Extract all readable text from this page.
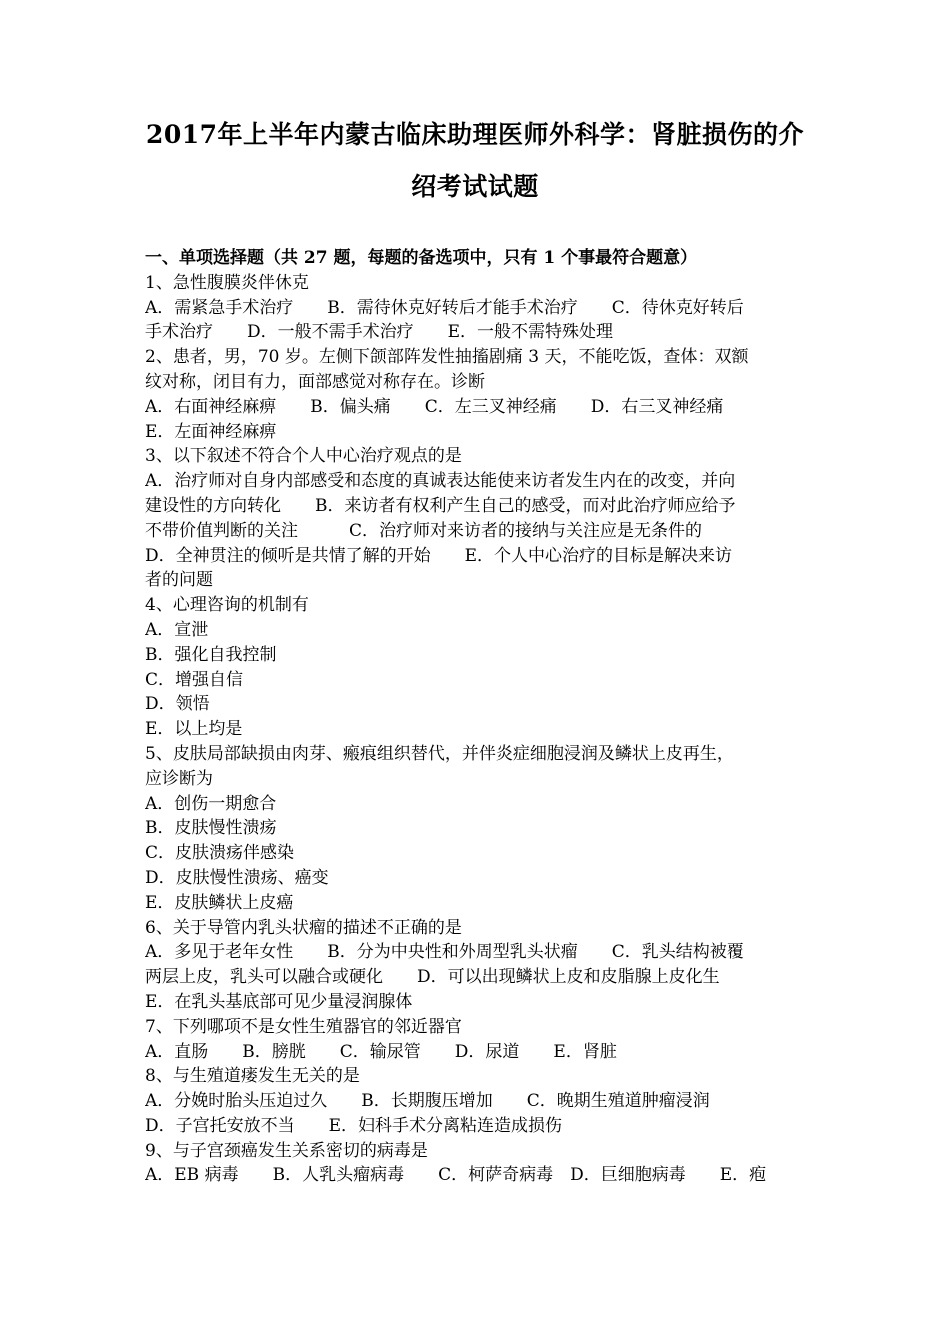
2017年上半年内蒙古临床助理医师外科学：肾脏损伤的介
绍考试试题

一、单项选择题（共 27 题，每题的备选项中，只有 1 个事最符合题意）

1、急性腹膜炎伴休克

A．需紧急手术治疗　　B．需待休克好转后才能手术治疗　　C．待休克好转后

手术治疗　　D．一般不需手术治疗　　E．一般不需特殊处理

2、患者，男，70 岁。左侧下颌部阵发性抽搐剧痛 3 天，不能吃饭，查体：双额

纹对称，闭目有力，面部感觉对称存在。诊断

A．右面神经麻痹　　B．偏头痛　　C．左三叉神经痛　　D．右三叉神经痛

E．左面神经麻痹

3、以下叙述不符合个人中心治疗观点的是

A．治疗师对自身内部感受和态度的真诚表达能使来访者发生内在的改变，并向

建设性的方向转化　　B．来访者有权利产生自己的感受，而对此治疗师应给予

不带价值判断的关注　　　C．治疗师对来访者的接纳与关注应是无条件的

D．全神贯注的倾听是共情了解的开始　　E．个人中心治疗的目标是解决来访

者的问题

4、心理咨询的机制有

A．宣泄

B．强化自我控制

C．增强自信

D．领悟

E．以上均是

5、皮肤局部缺损由肉芽、瘢痕组织替代，并伴炎症细胞浸润及鳞状上皮再生，

应诊断为

A．创伤一期愈合

B．皮肤慢性溃疡

C．皮肤溃疡伴感染

D．皮肤慢性溃疡、癌变

E．皮肤鳞状上皮癌

6、关于导管内乳头状瘤的描述不正确的是

A．多见于老年女性　　B．分为中央性和外周型乳头状瘤　　C．乳头结构被覆

两层上皮，乳头可以融合或硬化　　D．可以出现鳞状上皮和皮脂腺上皮化生

E．在乳头基底部可见少量浸润腺体

7、下列哪项不是女性生殖器官的邻近器官

A．直肠　　B．膀胱　　C．输尿管　　D．尿道　　E．肾脏

8、与生殖道瘘发生无关的是

A．分娩时胎头压迫过久　　B．长期腹压增加　　C．晚期生殖道肿瘤浸润

D．子宫托安放不当　　E．妇科手术分离粘连造成损伤

9、与子宫颈癌发生关系密切的病毒是

A．EB 病毒　　B．人乳头瘤病毒　　C．柯萨奇病毒　D．巨细胞病毒　　E．疱
